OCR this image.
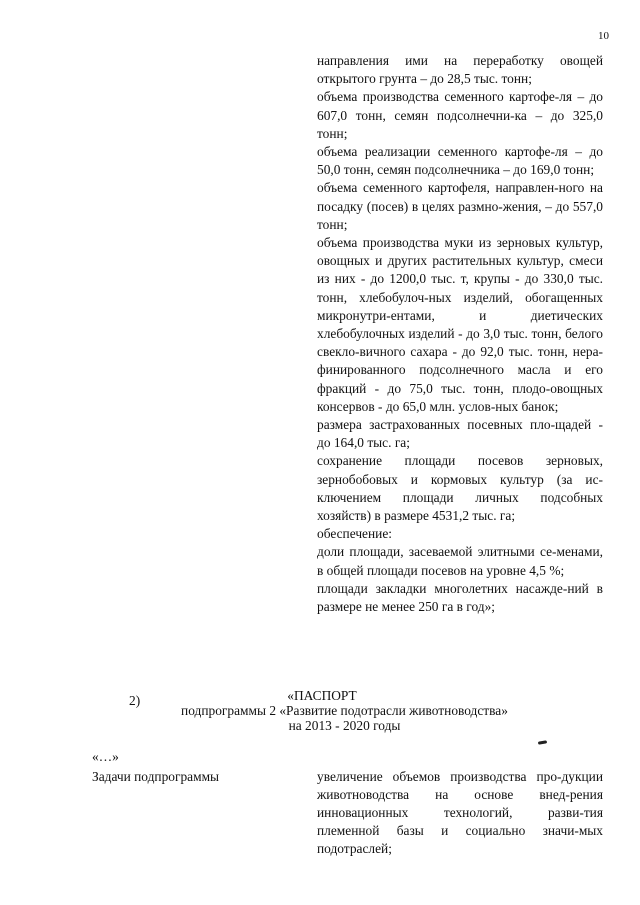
10

направления ими на переработку овощей открытого грунта – до 28,5 тыс. тонн;

объема производства семенного картофе-ля – до 607,0 тонн, семян подсолнечни-ка – до 325,0 тонн;

объема реализации семенного картофе-ля – до 50,0 тонн, семян подсолнечника – до 169,0 тонн;

объема семенного картофеля, направлен-ного на посадку (посев) в целях размно-жения, – до 557,0 тонн;

объема производства муки из зерновых культур, овощных и других растительных культур, смеси из них - до 1200,0 тыс. т, крупы - до 330,0 тыс. тонн, хлебобулоч-ных изделий, обогащенных микронутри-ентами, и диетических хлебобулочных изделий - до 3,0 тыс. тонн, белого свекло-вичного сахара - до 92,0 тыс. тонн, нера-финированного подсолнечного масла и его фракций - до 75,0 тыс. тонн, плодо-овощных консервов - до 65,0 млн. услов-ных банок;

размера застрахованных посевных пло-щадей - до 164,0 тыс. га;

сохранение площади посевов зерновых, зернобобовых и кормовых культур (за ис-ключением площади личных подсобных хозяйств) в размере 4531,2 тыс. га;

обеспечение:

доли площади, засеваемой элитными се-менами, в общей площади посевов на уровне 4,5 %;

площади закладки многолетних насажде-ний в размере не менее 250 га в год»;

2)	«ПАСПОРТ
подпрограммы 2 «Развитие подотрасли животноводства»
на 2013 - 2020 годы
«…»
Задачи подпрограммы	увеличение объемов производства про-дукции животноводства на основе внед-рения инновационных технологий, разви-тия племенной базы и социально значи-мых подотраслей;
